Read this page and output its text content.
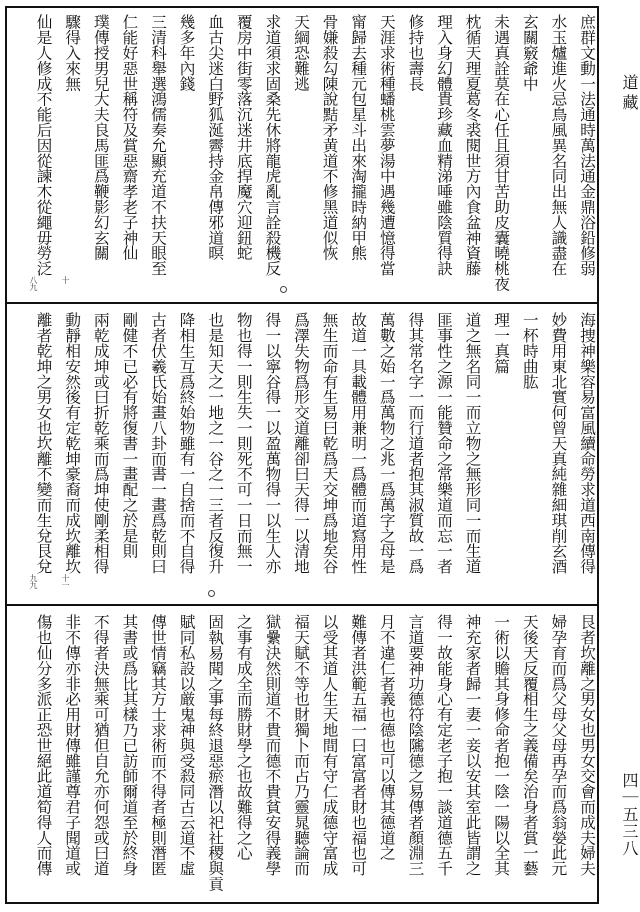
道藏
四｜五三八
庶群文動一法通時萬法通金鼎浴鉛修弱
水玉爐進火忌鳥風異名同出無人識盡在
玄關竅爺中
未遇真詮莫在心任且須甘苦助皮囊曉桃夜
枕循天理夏葛冬裘閱世方內食盆神資藤
理入身幻體貴珍藏血精涕唾雖陰質得訣
修持也壽長
天涯求術種蟠桃雲夢湯中遇幾遭憶得當
甯歸去種元包星斗出來淘攏時納甲熊
骨嫌殺勾陳說黠矛黄道不修黑道似恢
天綱恐難逃
求道須求固桑先休將龍虎亂言詮殺機反
覆房中街零落沉迷井底捍魔穴迎鈕蛇
血古尖迷白野狐涎霽持金帛傳邪道暝
幾多年內錢
三清科舉選鴻儒奏允顯充道不扶天眼至
仁能好惡世稱符及賞惡齋孝老子神仙
璞傳授男兒大夫良馬匪爲鞭影幻玄關
驟得入來無
仙是人修成不能后因從諫木從繩毋勞泛
八九	十
海捜神樂容易富風續命勞求道西南傳得
妙費用東北實何曾天真純雜細琪削玄酒
一杯時曲肱
理一真篇
道之無名同一而立物之無形同一而生道
匪事性之源一能贊命之常樂道而忘一者
得其常名字一而行道者抱其淑質故一爲
萬數之始一爲萬物之兆一爲萬字之母是
故道一具載體用兼明一爲體而道寫用性
無生而命有生易曰乾爲天交坤爲地矣谷
爲澤失物爲形交道離卻曰天得一以清地
得一以寧谷得一以盈萬物得一以生人亦
物也得一則生失一則死不可一日而無一
也是知天之一地之一谷之一三者反復升
降相生互爲終始物雖有一自捨而不自得
古者伏羲氏始畫八卦而書一畫爲乾則曰
剛健不已必有將復書一畫配之於是則
兩乾成坤或曰折乾乘而爲坤使剛柔相得
動靜相安然後有定乾坤豪裔而成坎離坎
離者乾坤之男女也坎離不變而生兌艮兌
九九	十一
艮者坎離之男女也男女交會而成夫婦夫
婦孕育而爲父母父母再孕而爲翁嫈此元
天後天反覆相生之義備矣治身者賞一藝
一術以贍其身修命者抱一陰一陽以全其
神充家者歸一妻一妾以安其室此皆謂之
得一故能身心有定老子抱一談道德五千
言道要神功德符陰隲德之易傳者顏淵三
月不違仁者義也德也可以傳其德道之
難傳者洪範五福一曰富富者財也福也可
以受其道人生天地間有守仁成德守富成
福天賦不等也財獨卜而占乃靈晁聽論而
獄纍決然則道不貴而德不貴貧安得義學
之事有成全而勝財學之也故難得之心
固執易聞之事每終退惡瘀潛以祀社稷與貢
賦同私設以厳鬼神與受殺同古云道不虛
傳世情竊其方士求術而不得者極則潛匿
其書或爲比其樣乃已訪師爾道至於終身
不得者決無乘可猶但自允亦何怨或曰道
非不傳亦非必用財傳雖謹尊君子聞道或
傷也仙分多派正恐世絕此道筍得人而傳
